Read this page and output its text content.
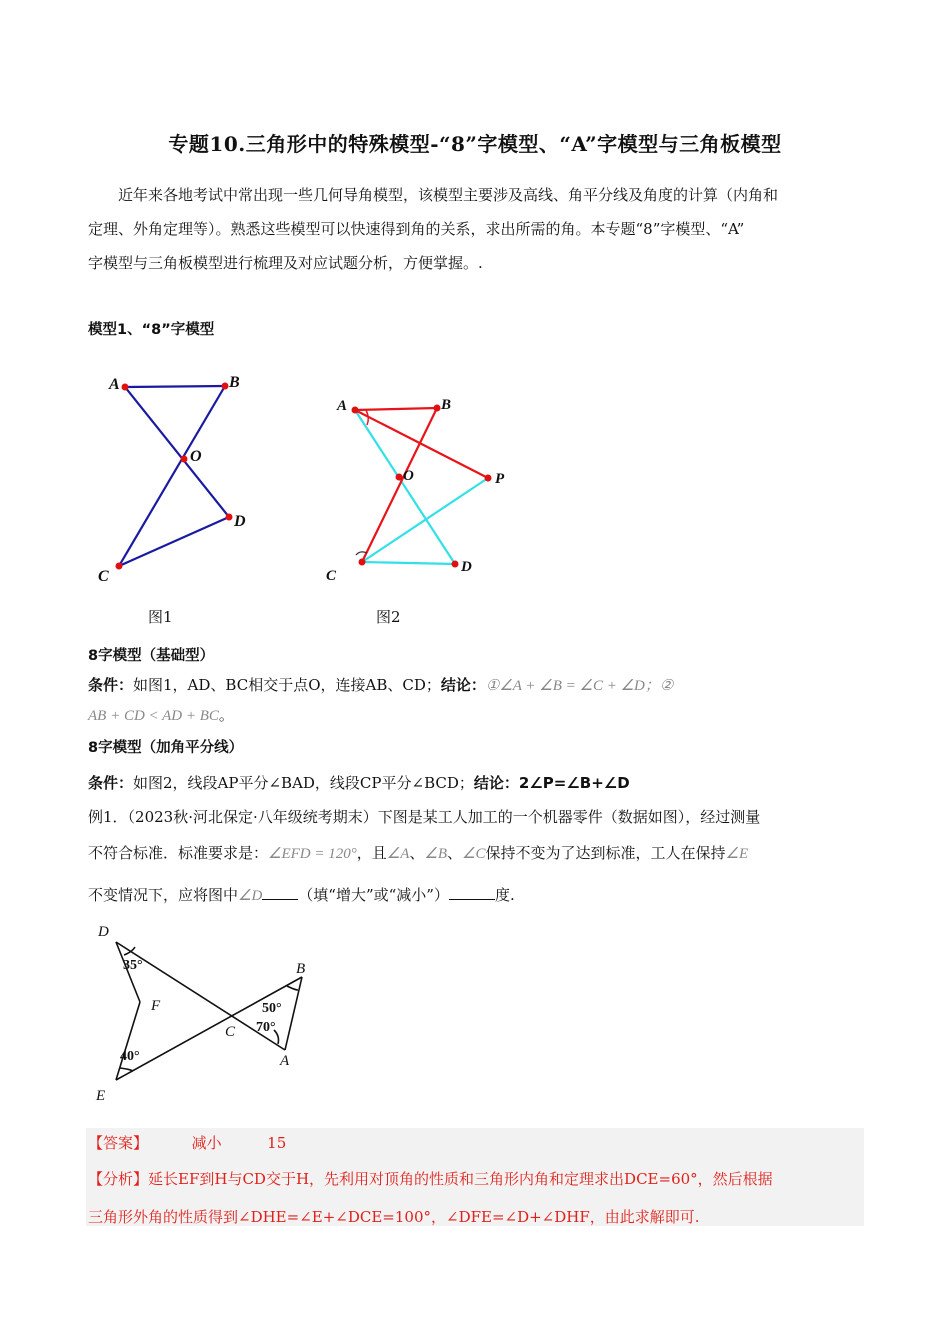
专题10.三角形中的特殊模型-“8”字模型、“A”字模型与三角板模型
近年来各地考试中常出现一些几何导角模型，该模型主要涉及高线、角平分线及角度的计算（内角和
定理、外角定理等）。熟悉这些模型可以快速得到角的关系，求出所需的角。本专题“8”字模型、“A”
字模型与三角板模型进行梳理及对应试题分析，方便掌握。.
模型1、“8”字模型
A	B
O
D
C
A	B
O	P
C
D
图1	图2
8字模型（基础型）
条件：如图1，AD、BC相交于点O，连接AB、CD；结论：①∠A + ∠B = ∠C + ∠D；②
AB + CD < AD + BC。
8字模型（加角平分线）
条件：如图2，线段AP平分∠BAD，线段CP平分∠BCD；结论：2∠P=∠B+∠D
例1．（2023秋·河北保定·八年级统考期末）下图是某工人加工的一个机器零件（数据如图），经过测量
不符合标准．标准要求是：∠EFD = 120°，且∠A、∠B、∠C保持不变为了达到标准，工人在保持∠E
不变情况下，应将图中∠D （填“增大”或“减小”）	度.
35°
40°
50°
70°
D
F
E
C
B
A
【答案】	减小	15
【分析】延长EF到H与CD交于H，先利用对顶角的性质和三角形内角和定理求出DCE=60°，然后根据
三角形外角的性质得到∠DHE=∠E+∠DCE=100°，∠DFE=∠D+∠DHF，由此求解即可.
